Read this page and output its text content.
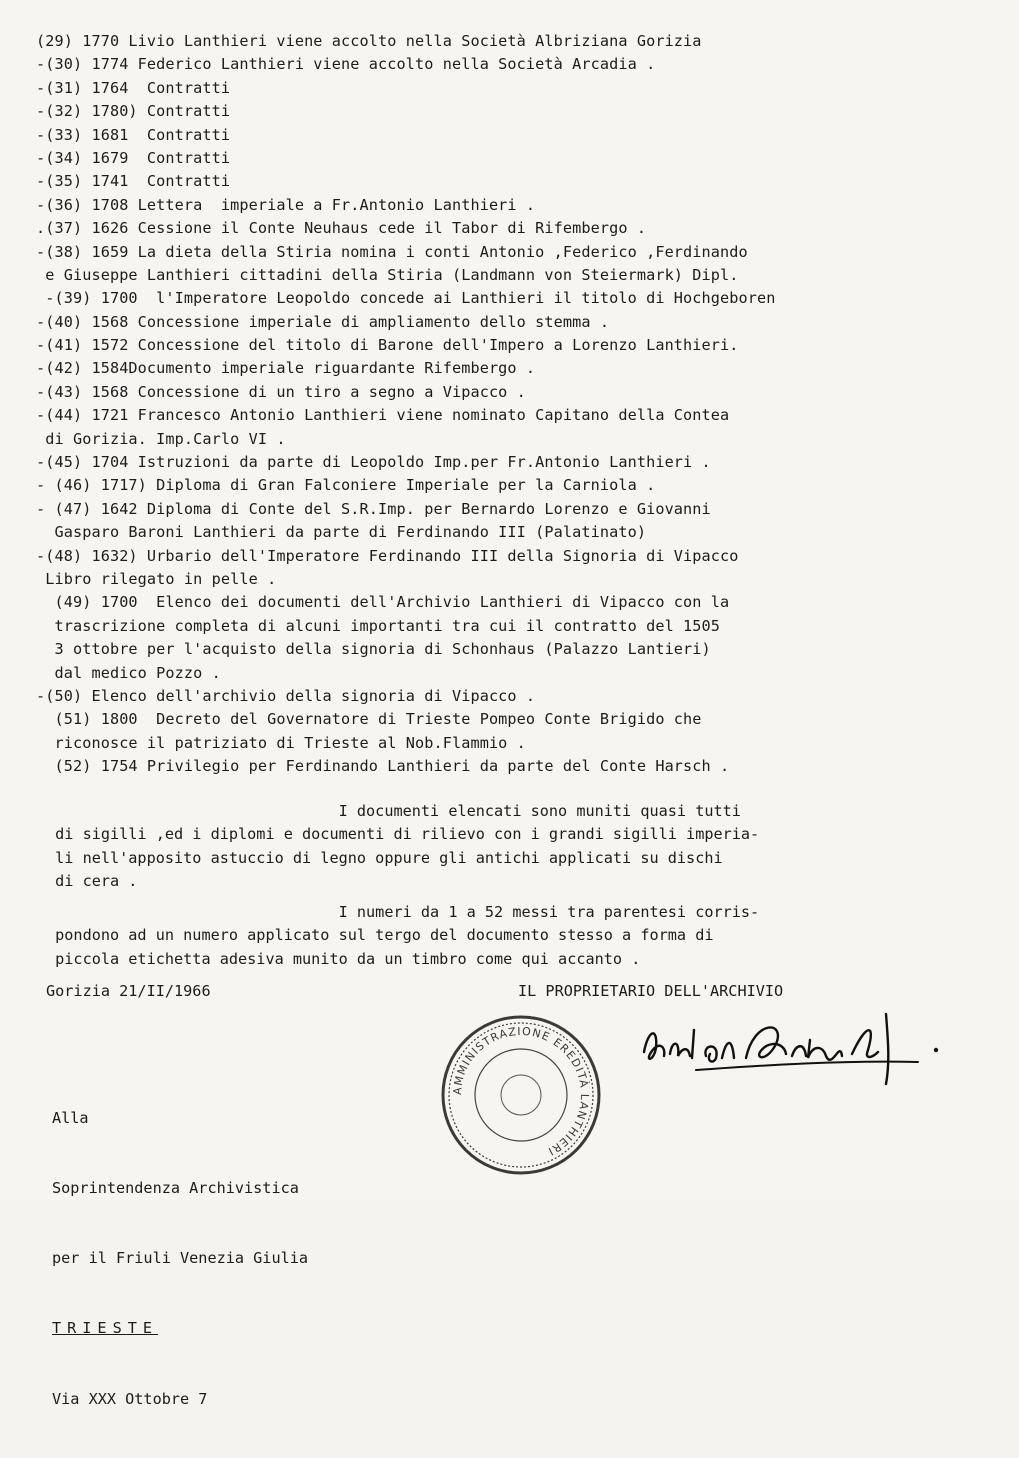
(29) 1770 Livio Lanthieri viene accolto nella Società Albriziana Gorizia
-(30) 1774 Federico Lanthieri viene accolto nella Società Arcadia .
-(31) 1764  Contratti
-(32) 1780) Contratti
-(33) 1681  Contratti
-(34) 1679  Contratti
-(35) 1741  Contratti
-(36) 1708 Lettera  imperiale a Fr.Antonio Lanthieri .
.(37) 1626 Cessione il Conte Neuhaus cede il Tabor di Rifembergo .
-(38) 1659 La dieta della Stiria nomina i conti Antonio ,Federico ,Ferdinando
e Giuseppe Lanthieri cittadini della Stiria (Landmann von Steiermark) Dipl.
-(39) 1700  l'Imperatore Leopoldo concede ai Lanthieri il titolo di Hochgeboren
-(40) 1568 Concessione imperiale di ampliamento dello stemma .
-(41) 1572 Concessione del titolo di Barone dell'Impero a Lorenzo Lanthieri.
-(42) 1584Documento imperiale riguardante Rifembergo .
-(43) 1568 Concessione di un tiro a segno a Vipacco .
-(44) 1721 Francesco Antonio Lanthieri viene nominato Capitano della Contea
di Gorizia. Imp.Carlo VI .
-(45) 1704 Istruzioni da parte di Leopoldo Imp.per Fr.Antonio Lanthieri .
- (46) 1717) Diploma di Gran Falconiere Imperiale per la Carniola .
- (47) 1642 Diploma di Conte del S.R.Imp. per Bernardo Lorenzo e Giovanni
Gasparo Baroni Lanthieri da parte di Ferdinando III (Palatinato)
-(48) 1632) Urbario dell'Imperatore Ferdinando III della Signoria di Vipacco
Libro rilegato in pelle .
(49) 1700  Elenco dei documenti dell'Archivio Lanthieri di Vipacco con la
trascrizione completa di alcuni importanti tra cui il contratto del 1505
3 ottobre per l'acquisto della signoria di Schonhaus (Palazzo Lantieri)
dal medico Pozzo .
-(50) Elenco dell'archivio della signoria di Vipacco .
(51) 1800  Decreto del Governatore di Trieste Pompeo Conte Brigido che
riconosce il patriziato di Trieste al Nob.Flammio .
(52) 1754 Privilegio per Ferdinando Lanthieri da parte del Conte Harsch .
I documenti elencati sono muniti quasi tutti
di sigilli ,ed i diplomi e documenti di rilievo con i grandi sigilli imperia-
li nell'apposito astuccio di legno oppure gli antichi applicati su dischi
di cera .
I numeri da 1 a 52 messi tra parentesi corris-
pondono ad un numero applicato sul tergo del documento stesso a forma di
piccola etichetta adesiva munito da un timbro come qui accanto .

Gorizia 21/II/1966

	IL PROPRIETARIO DELL'ARCHIVIO

AMMINISTRAZIONE EREDITÀ LANTHIERI

Alla

Soprintendenza Archivistica

per il Friuli Venezia Giulia

TRIESTE

Via XXX Ottobre 7
